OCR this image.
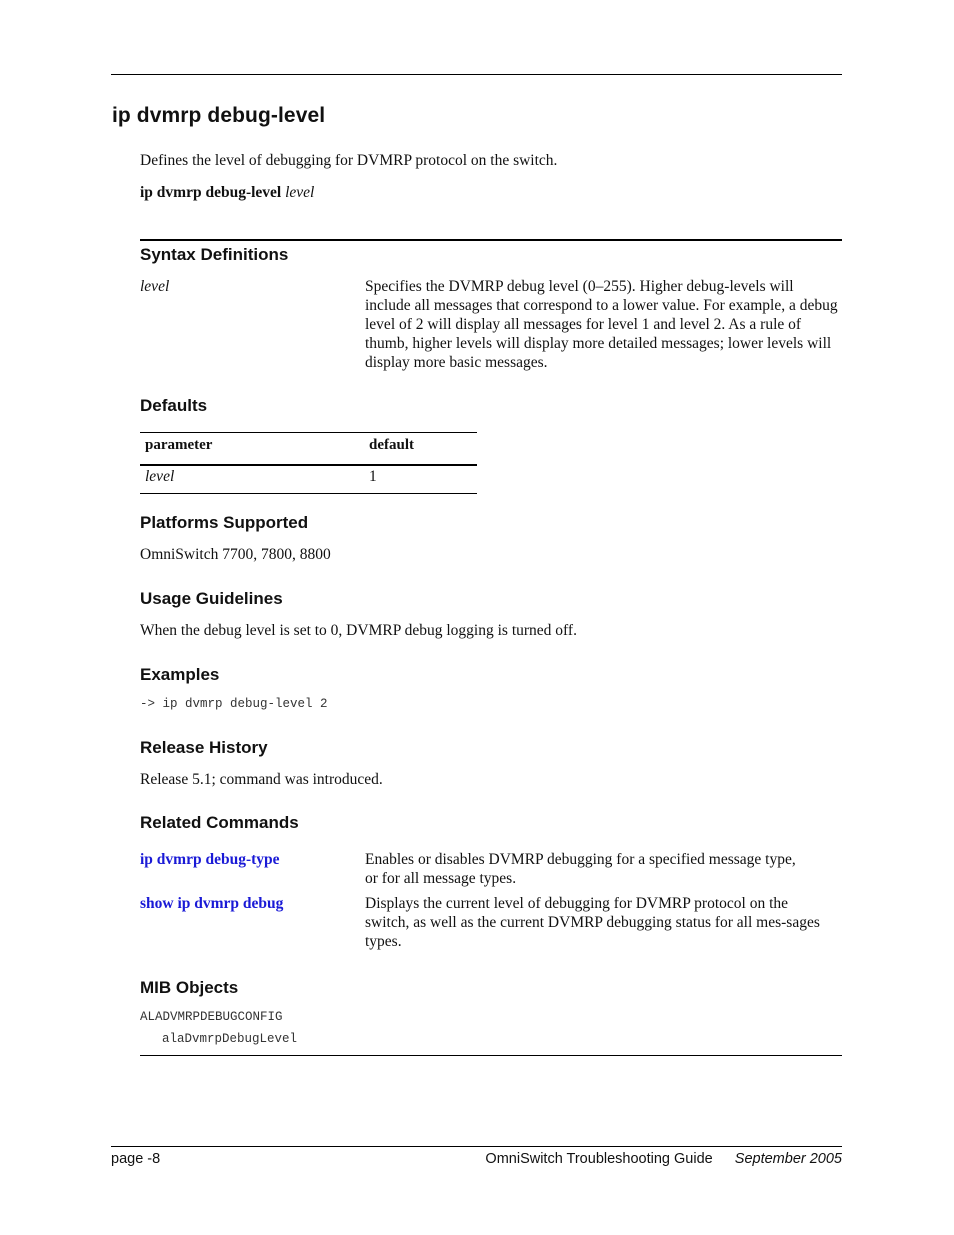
ip dvmrp debug-level
Defines the level of debugging for DVMRP protocol on the switch.
ip dvmrp debug-level level
Syntax Definitions
level	Specifies the DVMRP debug level (0–255). Higher debug-levels will include all messages that correspond to a lower value. For example, a debug level of 2 will display all messages for level 1 and level 2. As a rule of thumb, higher levels will display more detailed messages; lower levels will display more basic messages.
Defaults
parameter	default
level	1
Platforms Supported
OmniSwitch 7700, 7800, 8800
Usage Guidelines
When the debug level is set to 0, DVMRP debug logging is turned off.
Examples
-> ip dvmrp debug-level 2
Release History
Release 5.1; command was introduced.
Related Commands
ip dvmrp debug-type	Enables or disables DVMRP debugging for a specified message type, or for all message types.
show ip dvmrp debug	Displays the current level of debugging for DVMRP protocol on the switch, as well as the current DVMRP debugging status for all mes-sages types.
MIB Objects
ALADVMRPDEBUGCONFIG
alaDvmrpDebugLevel
page -8	OmniSwitch Troubleshooting Guide September 2005
